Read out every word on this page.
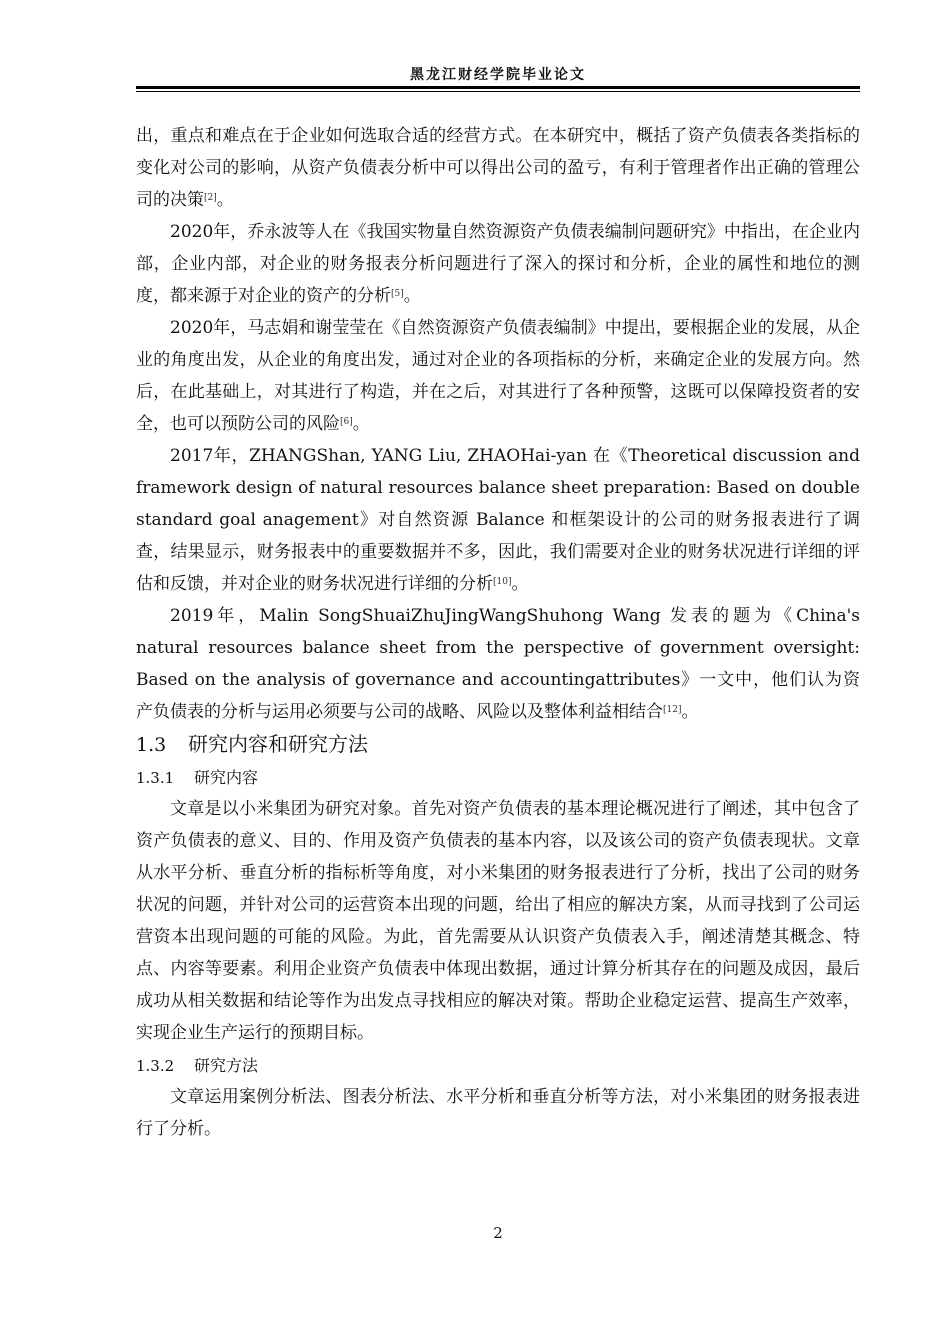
黑龙江财经学院毕业论文

出，重点和难点在于企业如何选取合适的经营方式。在本研究中，概括了资产负债表各类指标的变化对公司的影响，从资产负债表分析中可以得出公司的盈亏，有利于管理者作出正确的管理公司的决策[2]。

2020年，乔永波等人在《我国实物量自然资源资产负债表编制问题研究》中指出，在企业内部，企业内部，对企业的财务报表分析问题进行了深入的探讨和分析，企业的属性和地位的测度，都来源于对企业的资产的分析[5]。

2020年，马志娟和谢莹莹在《自然资源资产负债表编制》中提出，要根据企业的发展，从企业的角度出发，从企业的角度出发，通过对企业的各项指标的分析，来确定企业的发展方向。然后，在此基础上，对其进行了构造，并在之后，对其进行了各种预警，这既可以保障投资者的安全，也可以预防公司的风险[6]。

2017年，ZHANGShan, YANG Liu, ZHAOHai-yan 在《Theoretical discussion and framework design of natural resources balance sheet preparation: Based on double standard goal anagement》对自然资源 Balance 和框架设计的公司的财务报表进行了调查，结果显示，财务报表中的重要数据并不多，因此，我们需要对企业的财务状况进行详细的评估和反馈，并对企业的财务状况进行详细的分析[10]。

2019年，Malin SongShuaiZhuJingWangShuhong Wang 发表的题为《China's natural resources balance sheet from the perspective of government oversight: Based on the analysis of governance and accountingattributes》一文中，他们认为资产负债表的分析与运用必须要与公司的战略、风险以及整体利益相结合[12]。

1.3 研究内容和研究方法
1.3.1 研究内容

文章是以小米集团为研究对象。首先对资产负债表的基本理论概况进行了阐述，其中包含了资产负债表的意义、目的、作用及资产负债表的基本内容，以及该公司的资产负债表现状。文章从水平分析、垂直分析的指标析等角度，对小米集团的财务报表进行了分析，找出了公司的财务状况的问题，并针对公司的运营资本出现的问题，给出了相应的解决方案，从而寻找到了公司运营资本出现问题的可能的风险。为此，首先需要从认识资产负债表入手，阐述清楚其概念、特点、内容等要素。利用企业资产负债表中体现出数据，通过计算分析其存在的问题及成因，最后成功从相关数据和结论等作为出发点寻找相应的解决对策。帮助企业稳定运营、提高生产效率，实现企业生产运行的预期目标。

1.3.2 研究方法

文章运用案例分析法、图表分析法、水平分析和垂直分析等方法，对小米集团的财务报表进行了分析。

2
